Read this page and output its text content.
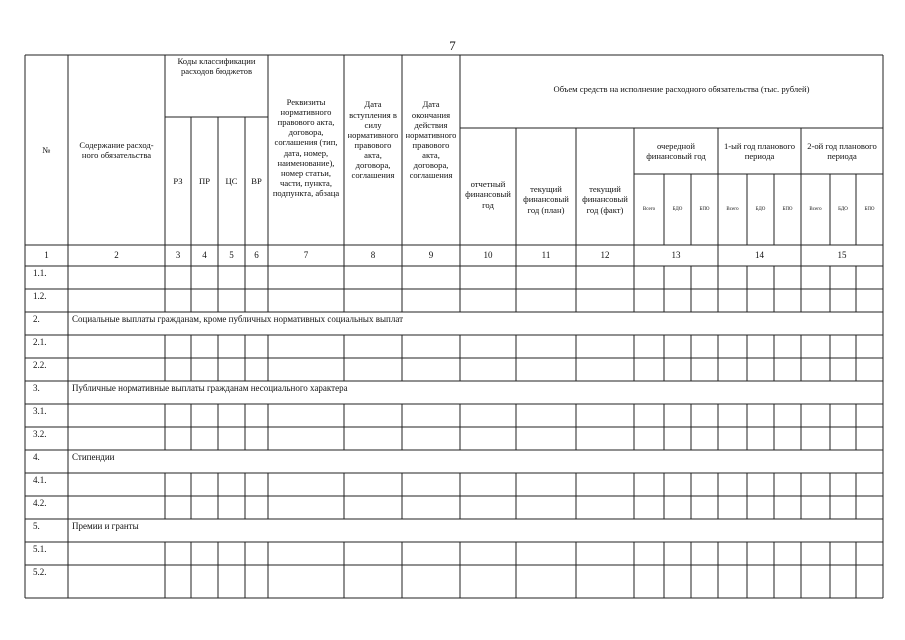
7
№
Содержание расход-ного обязательства
Коды классификации расходов бюджетов
РЗ	ПР	ЦС	ВР
Реквизиты нормативного правового акта, договора, соглашения (тип, дата, номер, наименование), номер статьи, части, пункта, подпункта, абзаца
Дата вступления в силу нормативного правового акта, договора, соглашения
Дата окончания действия нормативного правового акта, договора, соглашения
Объем средств на исполнение расходного обязательства (тыс. рублей)
отчетный финансовый год
текущий финансовый год (план)
текущий финансовый год (факт)
очередной финансовый год
1-ый год планового периода
2-ой год планового периода
Всего	БДО	БПО	Всего	БДО	БПО	Всего	БДО	БПО
1	2	3	4	5	6	7	8	9	10	11	12	13	14	15
1.1.
1.2.
2.	Социальные выплаты гражданам, кроме публичных нормативных социальных выплат
2.1.
2.2.
3.	Публичные нормативные выплаты гражданам несоциального характера
3.1.
3.2.
4.	Стипендии
4.1.
4.2.
5.	Премии и гранты
5.1.
5.2.
